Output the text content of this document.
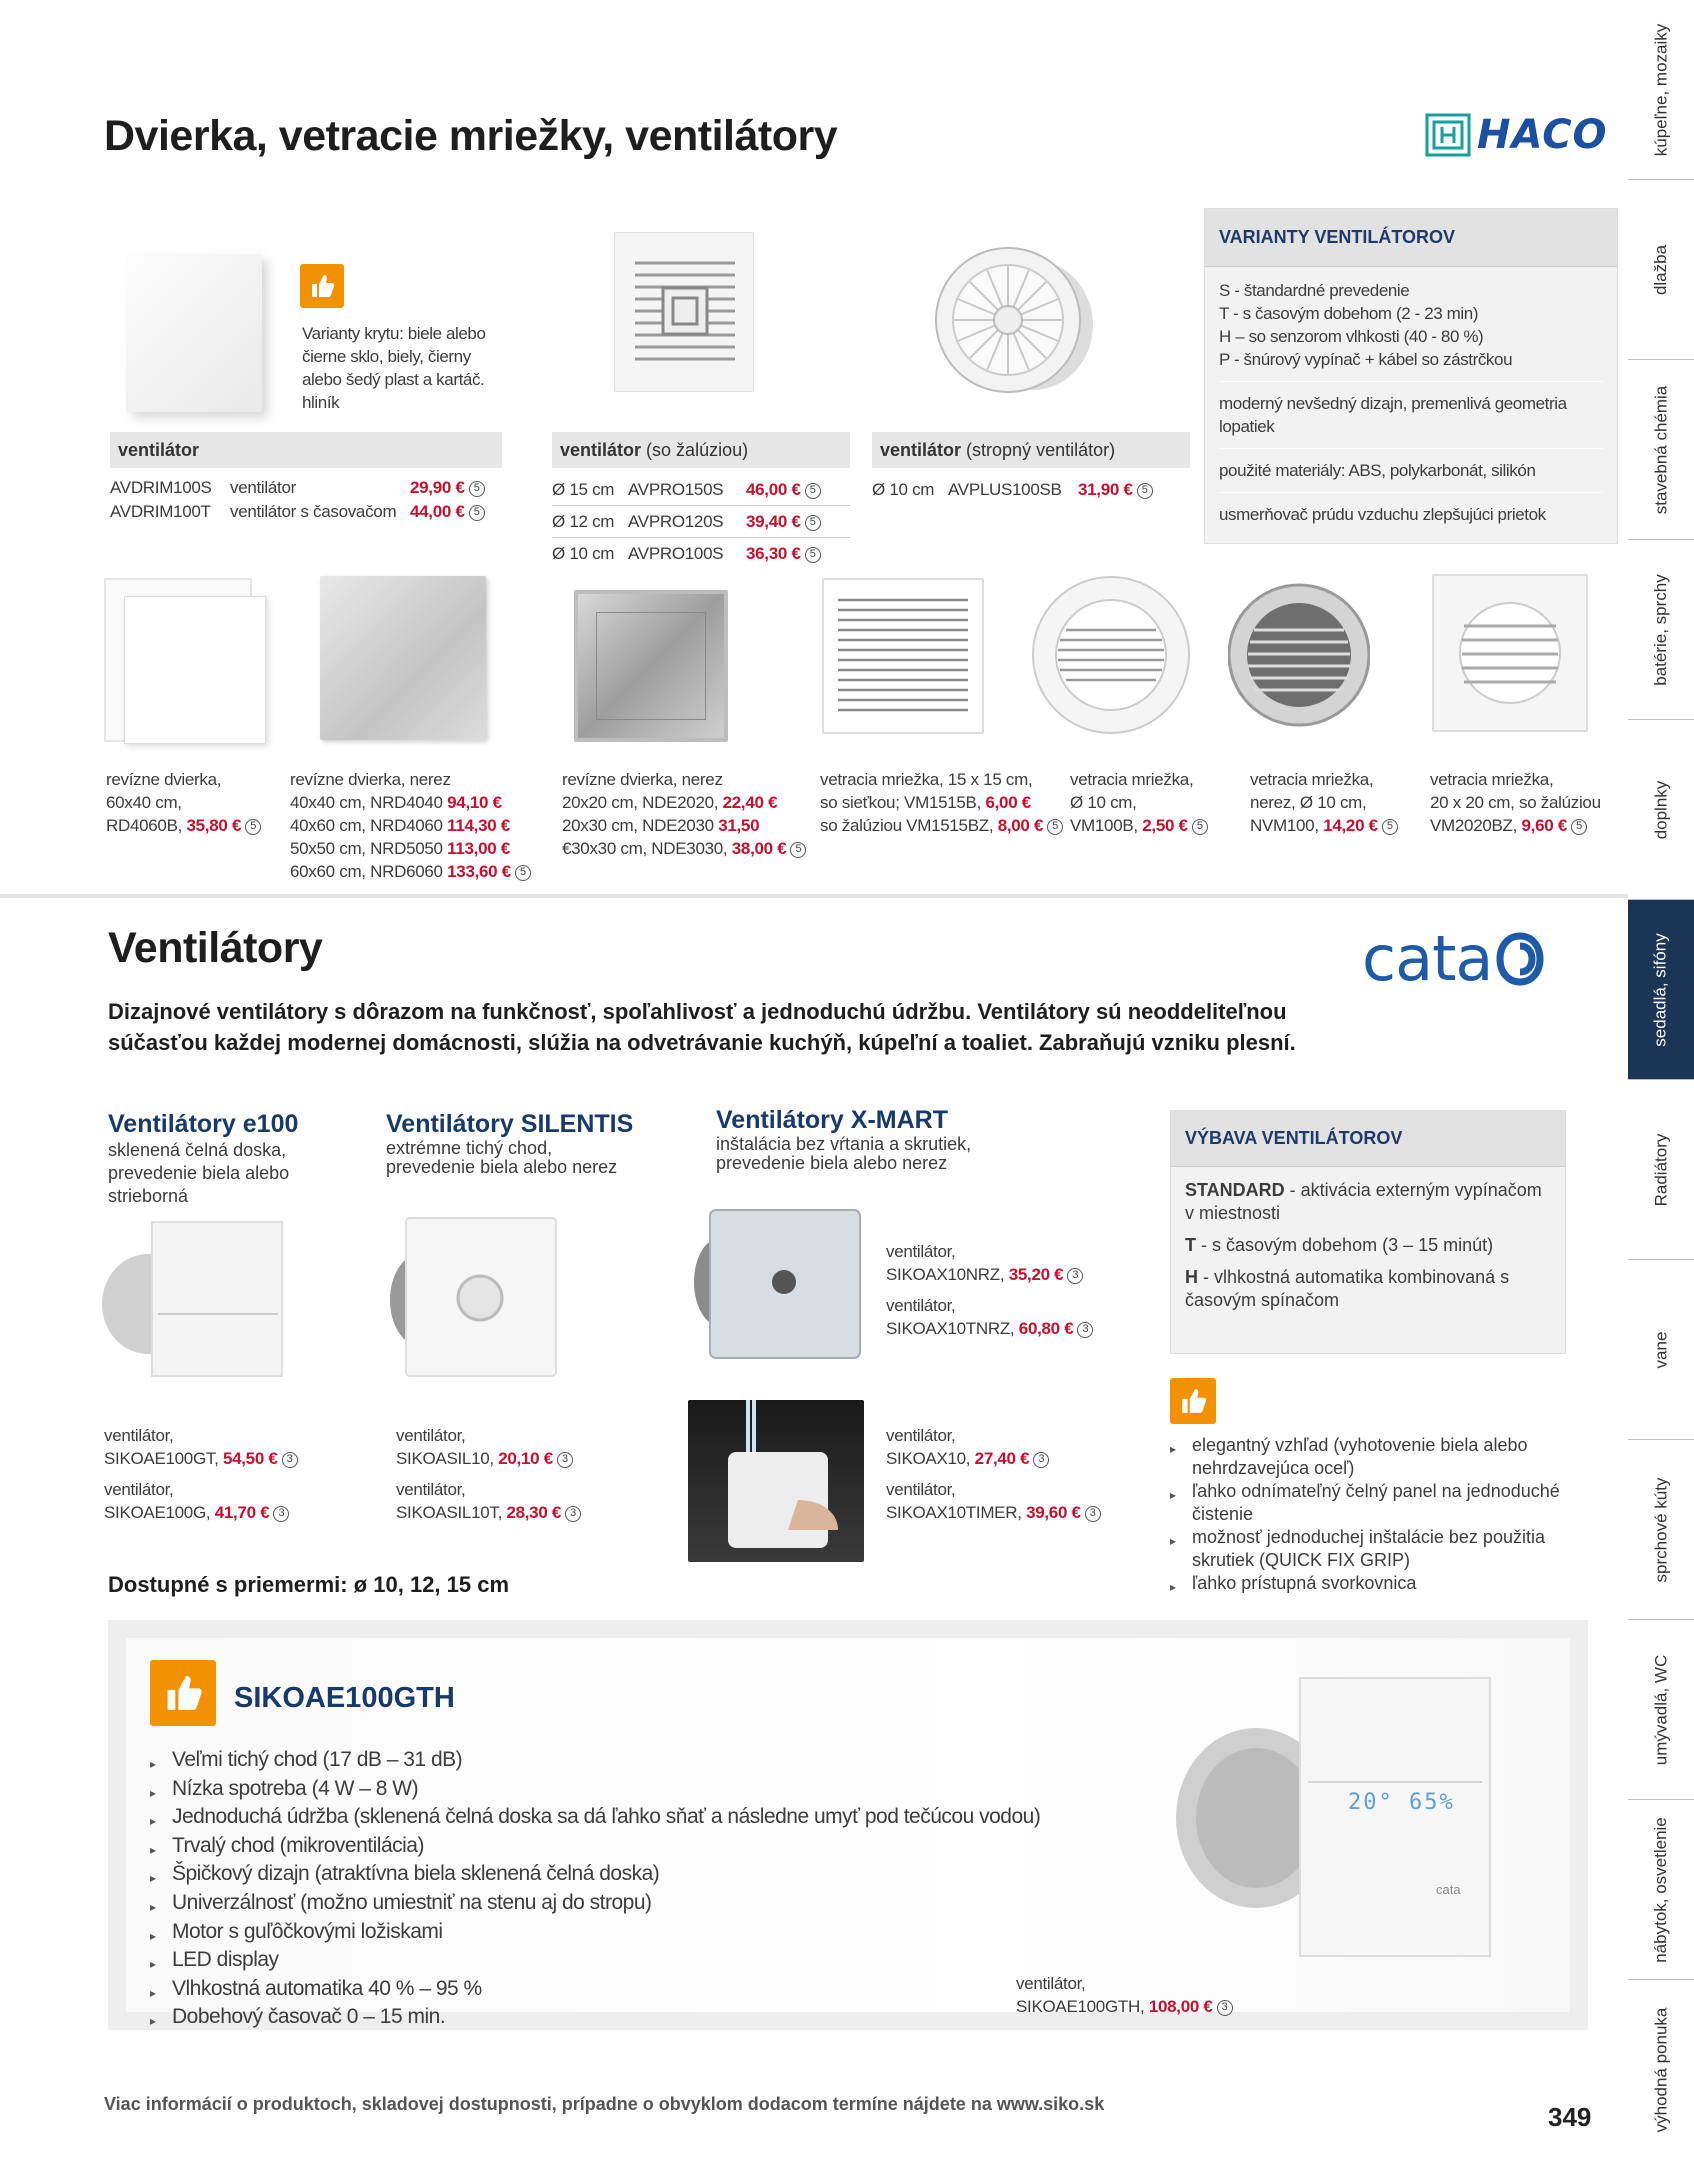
kúpeľne, mozaiky
dlažba
stavebná chémia
batérie, sprchy
doplnky
sedadlá, sifóny
Radiátory
vane
sprchové kúty
umývadlá, WC
nábytok, osvetlenie
výhodná ponuka
Dvierka, vetracie mriežky, ventilátory	HACO
Varianty krytu: biele alebo čierne sklo, biely, čierny alebo šedý plast a kartáč. hliník
VARIANTY VENTILÁTOROV
S - štandardné prevedenie
T - s časovým dobehom (2 - 23 min)
H – so senzorom vlhkosti (40 - 80 %)
P - šnúrový vypínač + kábel so zástrčkou
moderný nevšedný dizajn, premenlivá geometria lopatiek
použité materiály: ABS, polykarbonát, silikón
usmerňovač prúdu vzduchu zlepšujúci prietok
ventilátor
AVDRIM100S ventilátor	29,90 € 5
AVDRIM100T ventilátor s časovačom 44,00 € 5
ventilátor (so žalúziou)
Ø 15 cm AVPRO150S 46,00 € 5
Ø 12 cm AVPRO120S 39,40 € 5
Ø 10 cm AVPRO100S 36,30 € 5
ventilátor (stropný ventilátor)
Ø 10 cm AVPLUS100SB 31,90 € 5
revízne dvierka,
60x40 cm,
RD4060B, 35,80 € 5
revízne dvierka, nerez
40x40 cm, NRD4040 94,10 €
40x60 cm, NRD4060 114,30 €
50x50 cm, NRD5050 113,00 €
60x60 cm, NRD6060 133,60 € 5
revízne dvierka, nerez
20x20 cm, NDE2020, 22,40 €
20x30 cm, NDE2030 31,50
€30x30 cm, NDE3030, 38,00 € 5
vetracia mriežka, 15 x 15 cm,
so sieťkou; VM1515B, 6,00 €
so žalúziou VM1515BZ, 8,00 € 5
vetracia mriežka,
Ø 10 cm,
VM100B, 2,50 € 5
vetracia mriežka,
nerez, Ø 10 cm,
NVM100, 14,20 € 5
vetracia mriežka,
20 x 20 cm, so žalúziou
VM2020BZ, 9,60 € 5
Ventilátory	cata
Dizajnové ventilátory s dôrazom na funkčnosť, spoľahlivosť a jednoduchú údržbu. Ventilátory sú neoddeliteľnou
súčasťou každej modernej domácnosti, slúžia na odvetrávanie kuchýň, kúpeľní a toaliet. Zabraňujú vzniku plesní.
Ventilátory e100
sklenená čelná doska,
prevedenie biela alebo
strieborná
ventilátor,
SIKOAE100GT, 54,50 € 3
ventilátor,
SIKOAE100G, 41,70 € 3
Ventilátory SILENTIS
extrémne tichý chod,
prevedenie biela alebo nerez
ventilátor,
SIKOASIL10, 20,10 € 3
ventilátor,
SIKOASIL10T, 28,30 € 3
Ventilátory X-MART
inštalácia bez vŕtania a skrutiek,
prevedenie biela alebo nerez
ventilátor,
SIKOAX10NRZ, 35,20 € 3
ventilátor,
SIKOAX10TNRZ, 60,80 € 3
ventilátor,
SIKOAX10, 27,40 € 3
ventilátor,
SIKOAX10TIMER, 39,60 € 3
VÝBAVA VENTILÁTOROV
STANDARD - aktivácia externým vypínačom v miestnosti
T - s časovým dobehom (3 – 15 minút)
H - vlhkostná automatika kombinovaná s časovým spínačom
▸ elegantný vzhľad (vyhotovenie biela alebo nehrdzavejúca oceľ)
▸ ľahko odnímateľný čelný panel na jednoduché čistenie
▸ možnosť jednoduchej inštalácie bez použitia skrutiek (QUICK FIX GRIP)
▸ ľahko prístupná svorkovnica
Dostupné s priemermi: ø 10, 12, 15 cm
SIKOAE100GTH
▸ Veľmi tichý chod (17 dB – 31 dB)
▸ Nízka spotreba (4 W – 8 W)
▸ Jednoduchá údržba (sklenená čelná doska sa dá ľahko sňať a následne umyť pod tečúcou vodou)
▸ Trvalý chod (mikroventilácia)
▸ Špičkový dizajn (atraktívna biela sklenená čelná doska)
▸ Univerzálnosť (možno umiestniť na stenu aj do stropu)
▸ Motor s guľôčkovými ložiskami
▸ LED display
▸ Vlhkostná automatika 40 % – 95 %
▸ Dobehový časovač 0 – 15 min.
20° 65%
cata
ventilátor,
SIKOAE100GTH, 108,00 € 3
Viac informácií o produktoch, skladovej dostupnosti, prípadne o obvyklom dodacom termíne nájdete na www.siko.sk	349
